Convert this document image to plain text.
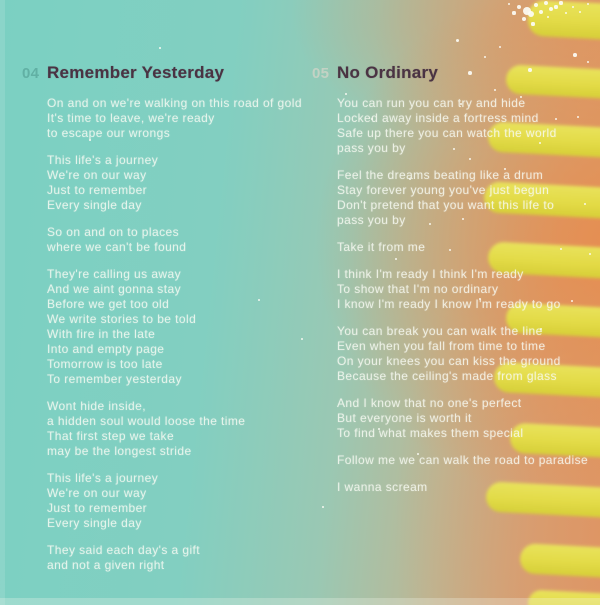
04 Remember Yesterday
On and on we're walking on this road of gold
It's time to leave, we're ready
to escape our wrongs
This life's a journey
We're on our way
Just to remember
Every single day
So on and on to places
where we can't be found
They're calling us away
And we aint gonna stay
Before we get too old
We write stories to be told
With fire in the late
Into and empty page
Tomorrow is too late
To remember yesterday
Wont hide inside,
a hidden soul would loose the time
That first step we take
may be the longest stride
This life's a journey
We're on our way
Just to remember
Every single day
They said each day's a gift
and not a given right
05 No Ordinary
You can run you can try and hide
Locked away inside a fortress mind
Safe up there you can watch the world
pass you by
Feel the dreams beating like a drum
Stay forever young you've just begun
Don't pretend that you want this life to
pass you by
Take it from me
I think I'm ready I think I'm ready
To show that I'm no ordinary
I know I'm ready I know I'm ready to go
You can break you can walk the line
Even when you fall from time to time
On your knees you can kiss the ground
Because the ceiling's made from glass
And I know that no one's perfect
But everyone is worth it
To find what makes them special
Follow me we can walk the road to paradise
I wanna scream
